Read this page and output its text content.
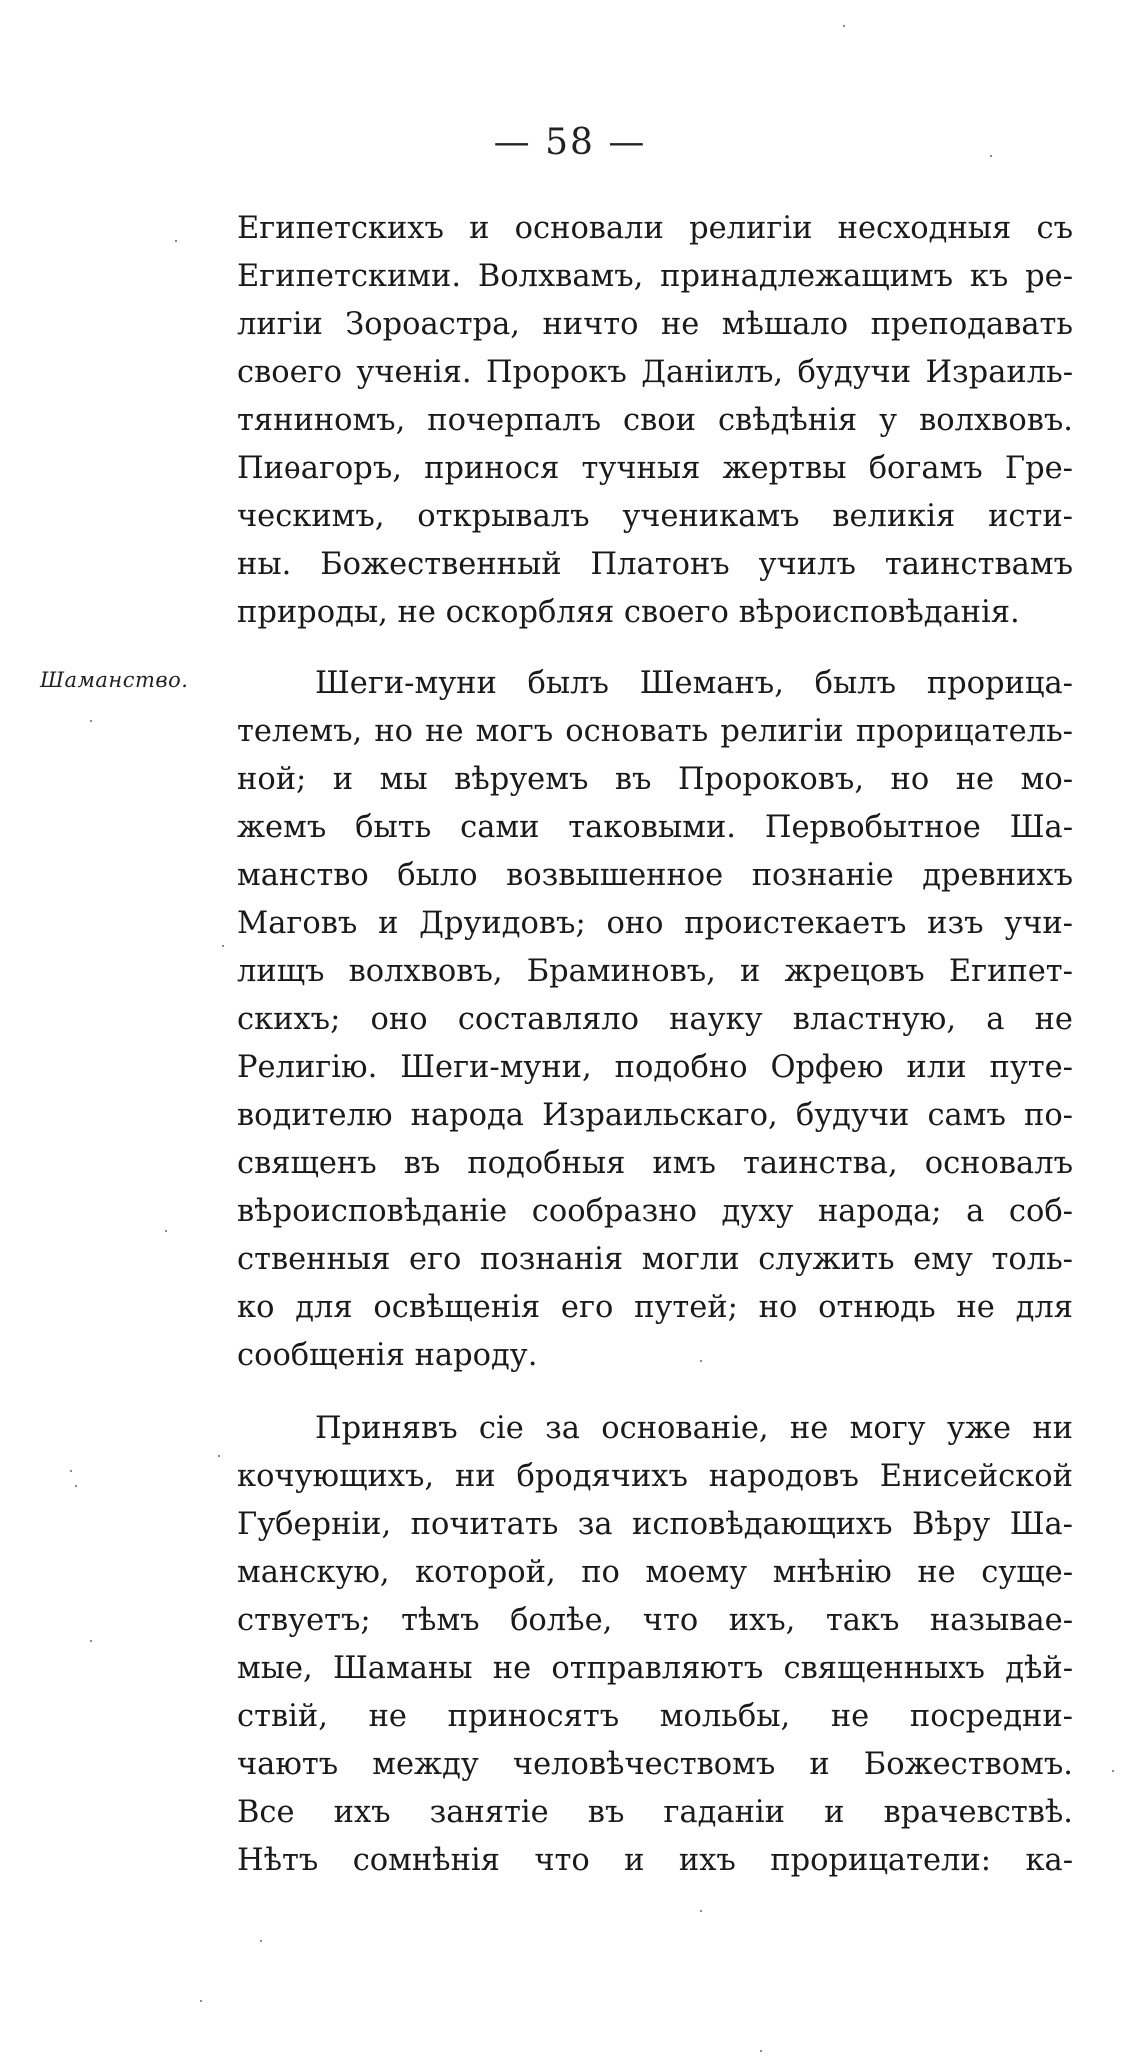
— 58 —
Шаманство.
Египетскихъ и основали религіи несходныя съ
Египетскими. Волхвамъ, принадлежащимъ къ ре-
лигіи Зороастра, ничто не мѣшало преподавать
своего ученія. Пророкъ Даніилъ, будучи Израиль-
тяниномъ, почерпалъ свои свѣдѣнія у волхвовъ.
Пиѳагоръ, принося тучныя жертвы богамъ Гре-
ческимъ, открывалъ ученикамъ великія исти-
ны. Божественный Платонъ училъ таинствамъ
природы, не оскорбляя своего вѣроисповѣданія.
Шеги-муни былъ Шеманъ, былъ прорица-
телемъ, но не могъ основать религіи прорицатель-
ной; и мы вѣруемъ въ Пророковъ, но не мо-
жемъ быть сами таковыми. Первобытное Ша-
манство было возвышенное познаніе древнихъ
Маговъ и Друидовъ; оно проистекаетъ изъ учи-
лищъ волхвовъ, Браминовъ, и жрецовъ Египет-
скихъ; оно составляло науку властную, а не
Религію. Шеги-муни, подобно Орфею или путе-
водителю народа Израильскаго, будучи самъ по-
священъ въ подобныя имъ таинства, основалъ
вѣроисповѣданіе сообразно духу народа; а соб-
ственныя его познанія могли служить ему толь-
ко для освѣщенія его путей; но отнюдь не для
сообщенія народу.
Принявъ сіе за основаніе, не могу уже ни
кочующихъ, ни бродячихъ народовъ Енисейской
Губерніи, почитать за исповѣдающихъ Вѣру Ша-
манскую, которой, по моему мнѣнію не суще-
ствуетъ; тѣмъ болѣе, что ихъ, такъ называе-
мые, Шаманы не отправляютъ священныхъ дѣй-
ствій, не приносятъ мольбы, не посредни-
чаютъ между человѣчествомъ и Божествомъ.
Все ихъ занятіе въ гаданіи и врачевствѣ.
Нѣтъ сомнѣнія что и ихъ прорицатели: ка-
